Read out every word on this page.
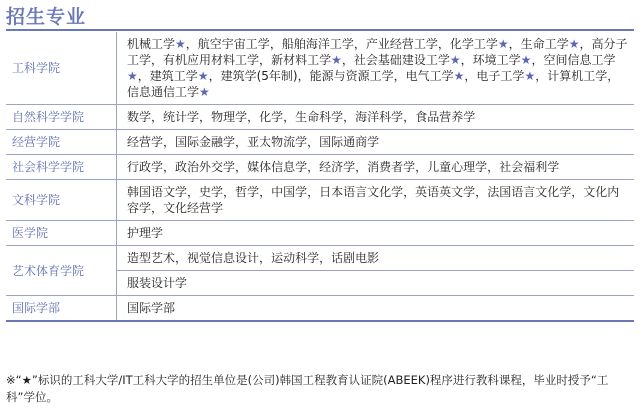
招生专业
工科学院	机械工学★，航空宇宙工学，船舶海洋工学，产业经营工学，化学工学★，生命工学★，高分子工学，有机应用材料工学，新材料工学★，社会基础建设工学★，环境工学★，空间信息工学★，建筑工学★，建筑学(5年制)，能源与资源工学，电气工学★，电子工学★，计算机工学，信息通信工学★
自然科学学院	数学，统计学，物理学，化学，生命科学，海洋科学，食品营养学
经营学院	经营学，国际金融学，亚太物流学，国际通商学
社会科学学院	行政学，政治外交学，媒体信息学，经济学，消费者学，儿童心理学，社会福利学
文科学院	韩国语文学，史学，哲学，中国学，日本语言文化学，英语英文学，法国语言文化学，文化内容学，文化经营学
医学院	护理学
艺术体育学院	造型艺术，视觉信息设计，运动科学，话剧电影
	服装设计学
国际学部	国际学部
※“★”标识的工科大学/IT工科大学的招生单位是(公司)韩国工程教育认证院(ABEEK)程序进行教科课程，毕业时授予“工科”学位。
